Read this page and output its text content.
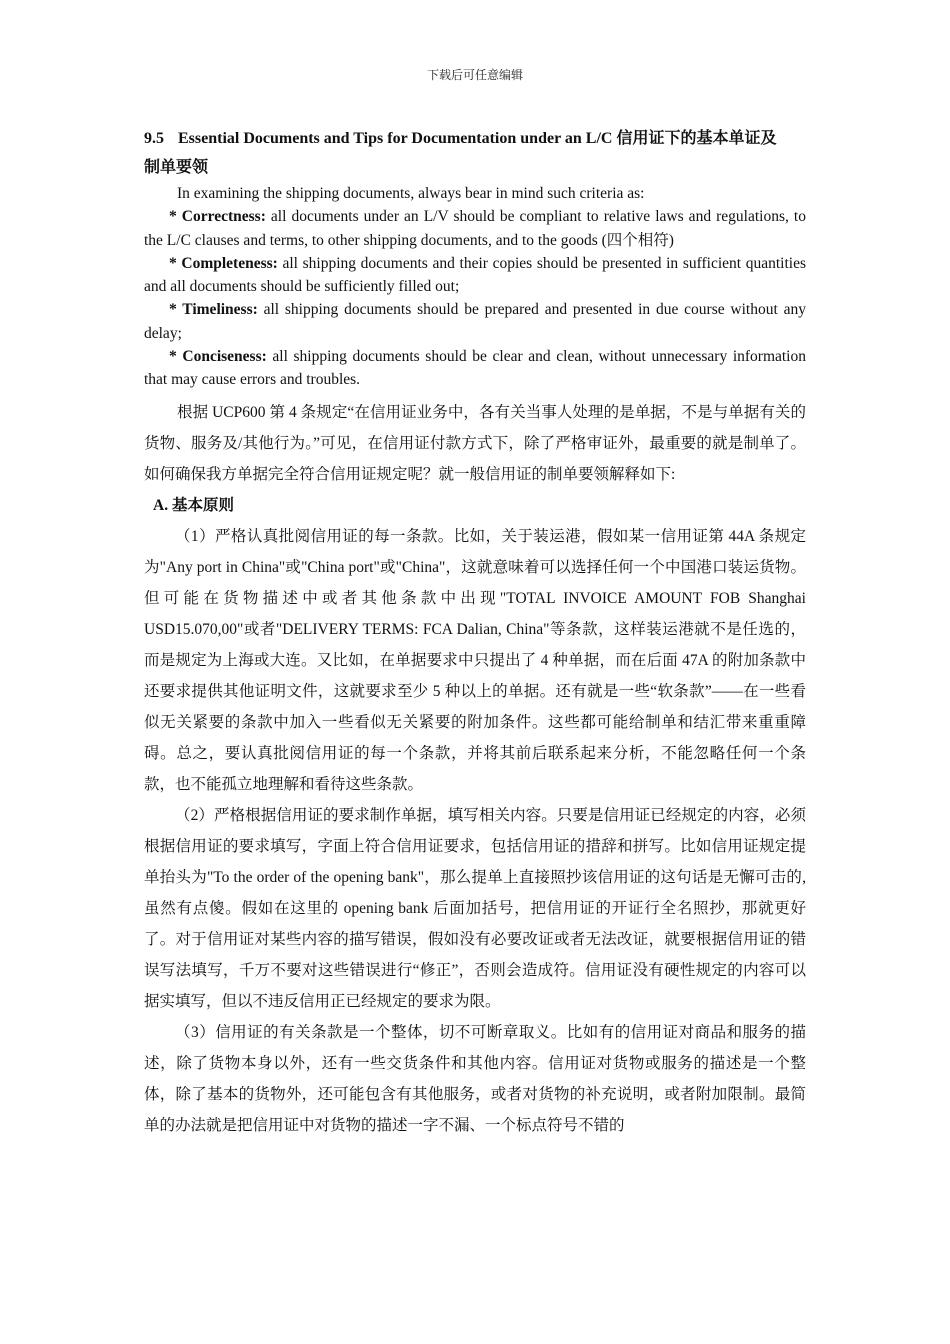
下载后可任意编辑

9.5 Essential Documents and Tips for Documentation under an L/C 信用证下的基本单证及

制单要领

In examining the shipping documents, always bear in mind such criteria as:

* Correctness: all documents under an L/V should be compliant to relative laws and regulations, to the L/C clauses and terms, to other shipping documents, and to the goods (四个相符)

* Completeness: all shipping documents and their copies should be presented in sufficient quantities and all documents should be sufficiently filled out;

* Timeliness: all shipping documents should be prepared and presented in due course without any delay;

* Conciseness: all shipping documents should be clear and clean, without unnecessary information that may cause errors and troubles.

根据 UCP600 第 4 条规定“在信用证业务中，各有关当事人处理的是单据，不是与单据有关的货物、服务及/其他行为。”可见，在信用证付款方式下，除了严格审证外，最重要的就是制单了。如何确保我方单据完全符合信用证规定呢？就一般信用证的制单要领解释如下:

A. 基本原则

（1）严格认真批阅信用证的每一条款。比如，关于装运港，假如某一信用证第 44A 条规定为"Any port in China"或"China port"或"China"，这就意味着可以选择任何一个中国港口装运货物。但可能在货物描述中或者其他条款中出现"TOTAL INVOICE AMOUNT FOB Shanghai USD15.070,00"或者"DELIVERY TERMS: FCA Dalian, China"等条款，这样装运港就不是任选的，而是规定为上海或大连。又比如，在单据要求中只提出了 4 种单据，而在后面 47A 的附加条款中还要求提供其他证明文件，这就要求至少 5 种以上的单据。还有就是一些“软条款”——在一些看似无关紧要的条款中加入一些看似无关紧要的附加条件。这些都可能给制单和结汇带来重重障碍。总之，要认真批阅信用证的每一个条款，并将其前后联系起来分析，不能忽略任何一个条款，也不能孤立地理解和看待这些条款。

（2）严格根据信用证的要求制作单据，填写相关内容。只要是信用证已经规定的内容，必须根据信用证的要求填写，字面上符合信用证要求，包括信用证的措辞和拼写。比如信用证规定提单抬头为"To the order of the opening bank"，那么提单上直接照抄该信用证的这句话是无懈可击的, 虽然有点傻。假如在这里的 opening bank 后面加括号，把信用证的开证行全名照抄，那就更好了。对于信用证对某些内容的描写错误，假如没有必要改证或者无法改证，就要根据信用证的错误写法填写，千万不要对这些错误进行“修正”，否则会造成符。信用证没有硬性规定的内容可以据实填写，但以不违反信用正已经规定的要求为限。

（3）信用证的有关条款是一个整体，切不可断章取义。比如有的信用证对商品和服务的描述，除了货物本身以外，还有一些交货条件和其他内容。信用证对货物或服务的描述是一个整体，除了基本的货物外，还可能包含有其他服务，或者对货物的补充说明，或者附加限制。最简单的办法就是把信用证中对货物的描述一字不漏、一个标点符号不错的
